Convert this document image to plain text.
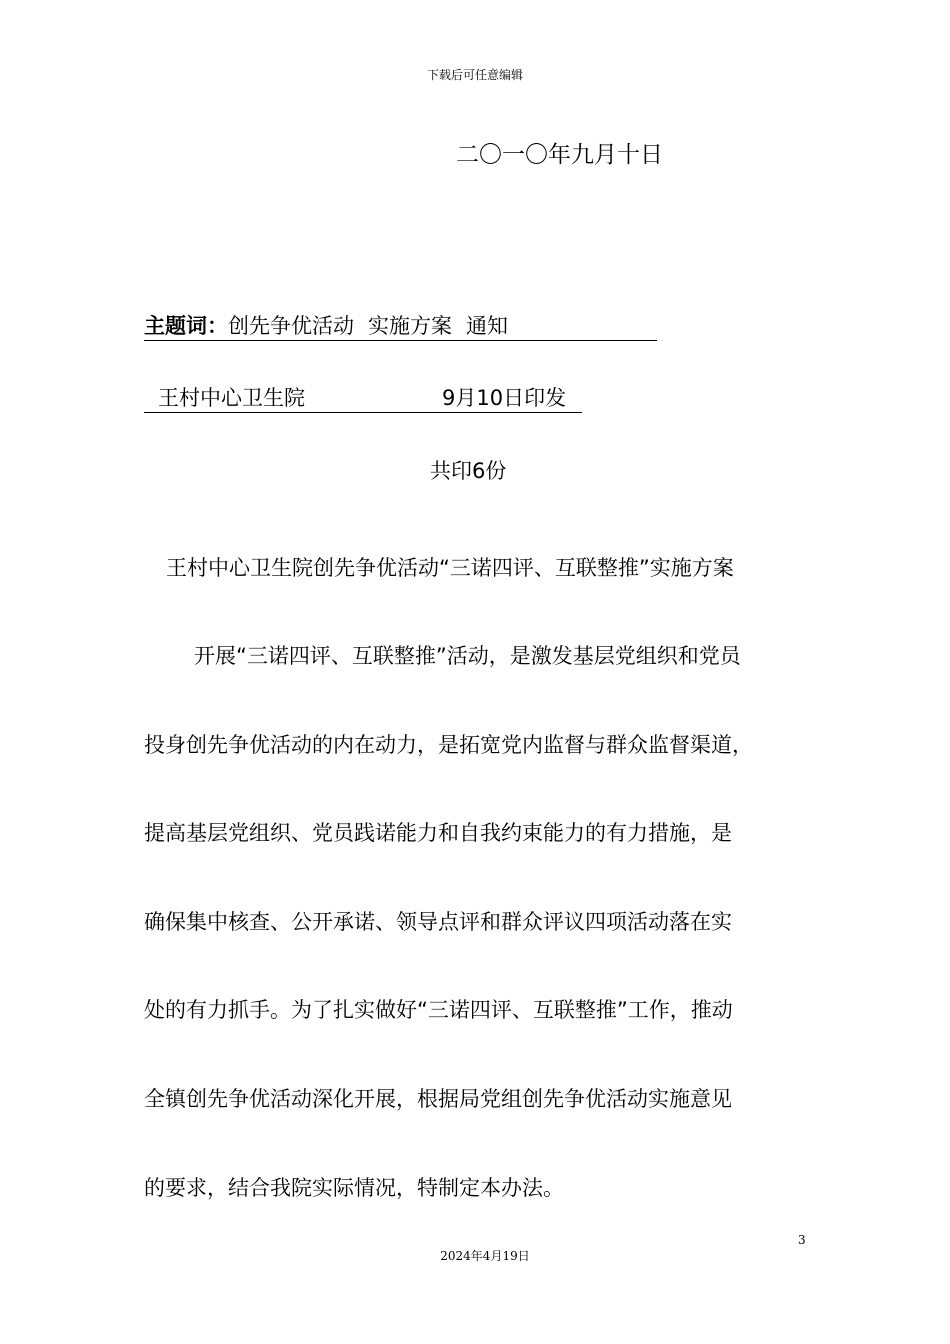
下载后可任意编辑
二〇一〇年九月十日
主题词：创先争优活动 实施方案 通知
王村中心卫生院	9月10日印发
共印6份
王村中心卫生院创先争优活动“三诺四评、互联整推”实施方案
开展“三诺四评、互联整推”活动，是激发基层党组织和党员
投身创先争优活动的内在动力，是拓宽党内监督与群众监督渠道，
提高基层党组织、党员践诺能力和自我约束能力的有力措施，是
确保集中核查、公开承诺、领导点评和群众评议四项活动落在实
处的有力抓手。为了扎实做好“三诺四评、互联整推”工作，推动
全镇创先争优活动深化开展，根据局党组创先争优活动实施意见
的要求，结合我院实际情况，特制定本办法。
3
2024年4月19日
